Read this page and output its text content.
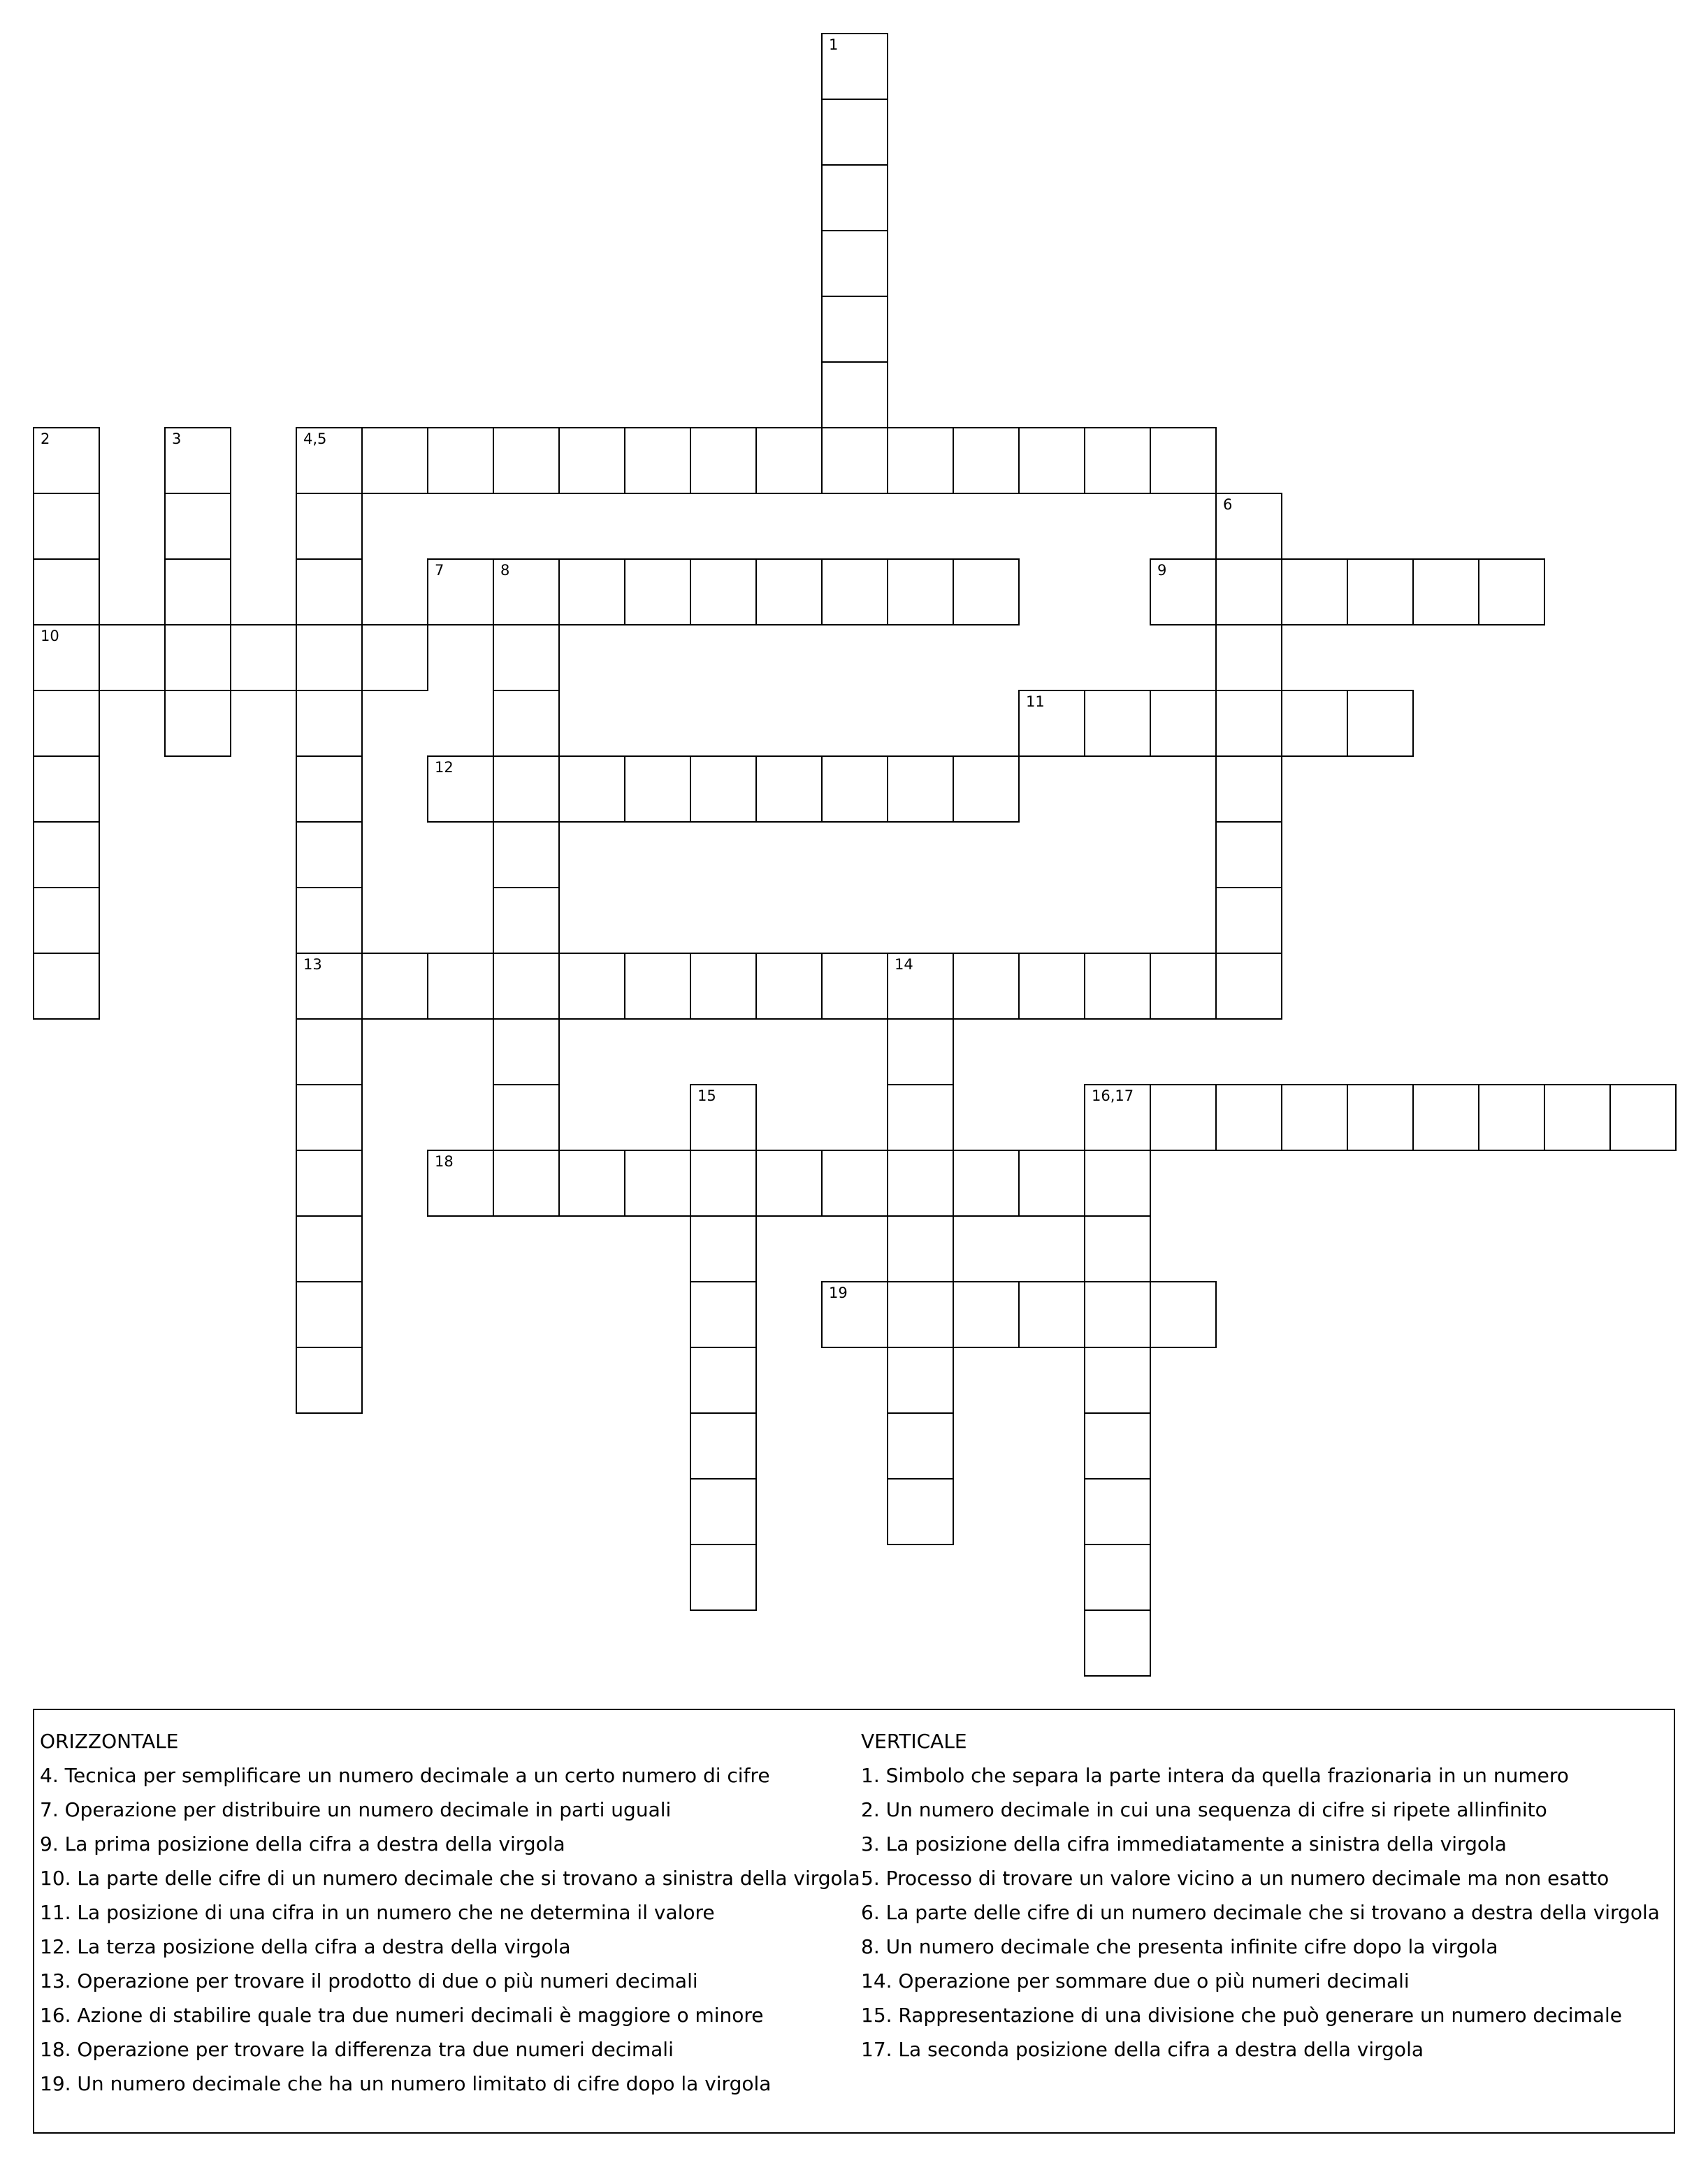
4,5
7	8	9
10
11
12
13	14
16,17
18
19
1
2	3
6
15
ORIZZONTALE
4. Tecnica per semplificare un numero decimale a un certo numero di cifre
7. Operazione per distribuire un numero decimale in parti uguali
9. La prima posizione della cifra a destra della virgola
10. La parte delle cifre di un numero decimale che si trovano a sinistra della virgola
11. La posizione di una cifra in un numero che ne determina il valore
12. La terza posizione della cifra a destra della virgola
13. Operazione per trovare il prodotto di due o più numeri decimali
16. Azione di stabilire quale tra due numeri decimali è maggiore o minore
18. Operazione per trovare la differenza tra due numeri decimali
19. Un numero decimale che ha un numero limitato di cifre dopo la virgola
VERTICALE
1. Simbolo che separa la parte intera da quella frazionaria in un numero
2. Un numero decimale in cui una sequenza di cifre si ripete allinfinito
3. La posizione della cifra immediatamente a sinistra della virgola
5. Processo di trovare un valore vicino a un numero decimale ma non esatto
6. La parte delle cifre di un numero decimale che si trovano a destra della virgola
8. Un numero decimale che presenta infinite cifre dopo la virgola
14. Operazione per sommare due o più numeri decimali
15. Rappresentazione di una divisione che può generare un numero decimale
17. La seconda posizione della cifra a destra della virgola
